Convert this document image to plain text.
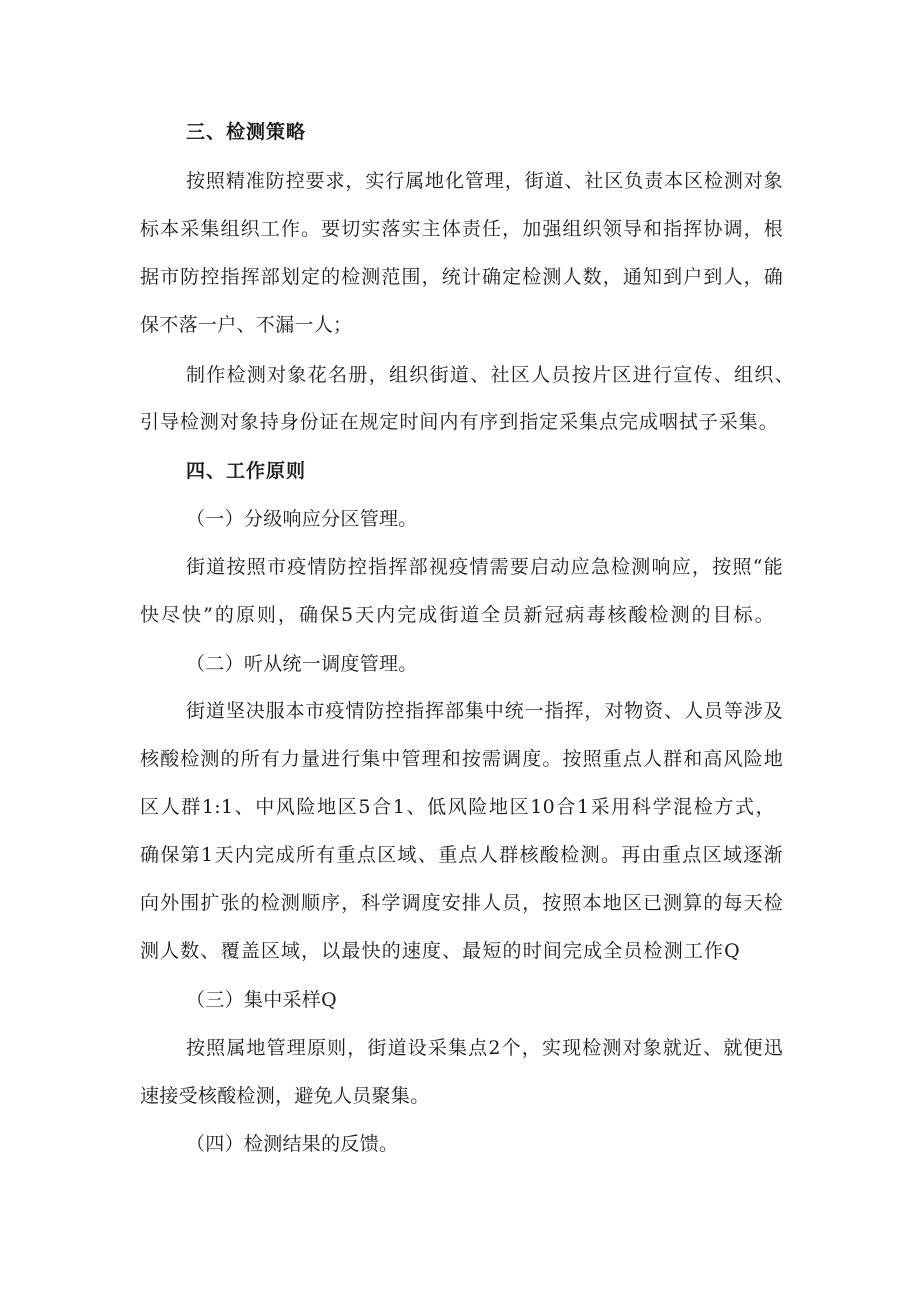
三、检测策略

按照精准防控要求，实行属地化管理，街道、社区负责本区检测对象

标本采集组织工作。要切实落实主体责任，加强组织领导和指挥协调，根

据市防控指挥部划定的检测范围，统计确定检测人数，通知到户到人，确

保不落一户、不漏一人；

制作检测对象花名册，组织街道、社区人员按片区进行宣传、组织、

引导检测对象持身份证在规定时间内有序到指定采集点完成咽拭子采集。

四、工作原则

（一）分级响应分区管理。

街道按照市疫情防控指挥部视疫情需要启动应急检测响应，按照“能

快尽快”的原则，确保5天内完成街道全员新冠病毒核酸检测的目标。

（二）听从统一调度管理。

街道坚决服本市疫情防控指挥部集中统一指挥，对物资、人员等涉及

核酸检测的所有力量进行集中管理和按需调度。按照重点人群和高风险地

区人群1:1、中风险地区5合1、低风险地区10合1采用科学混检方式，

确保第1天内完成所有重点区域、重点人群核酸检测。再由重点区域逐渐

向外围扩张的检测顺序，科学调度安排人员，按照本地区已测算的每天检

测人数、覆盖区域，以最快的速度、最短的时间完成全员检测工作Q

（三）集中采样Q

按照属地管理原则，街道设采集点2个，实现检测对象就近、就便迅

速接受核酸检测，避免人员聚集。

（四）检测结果的反馈。
